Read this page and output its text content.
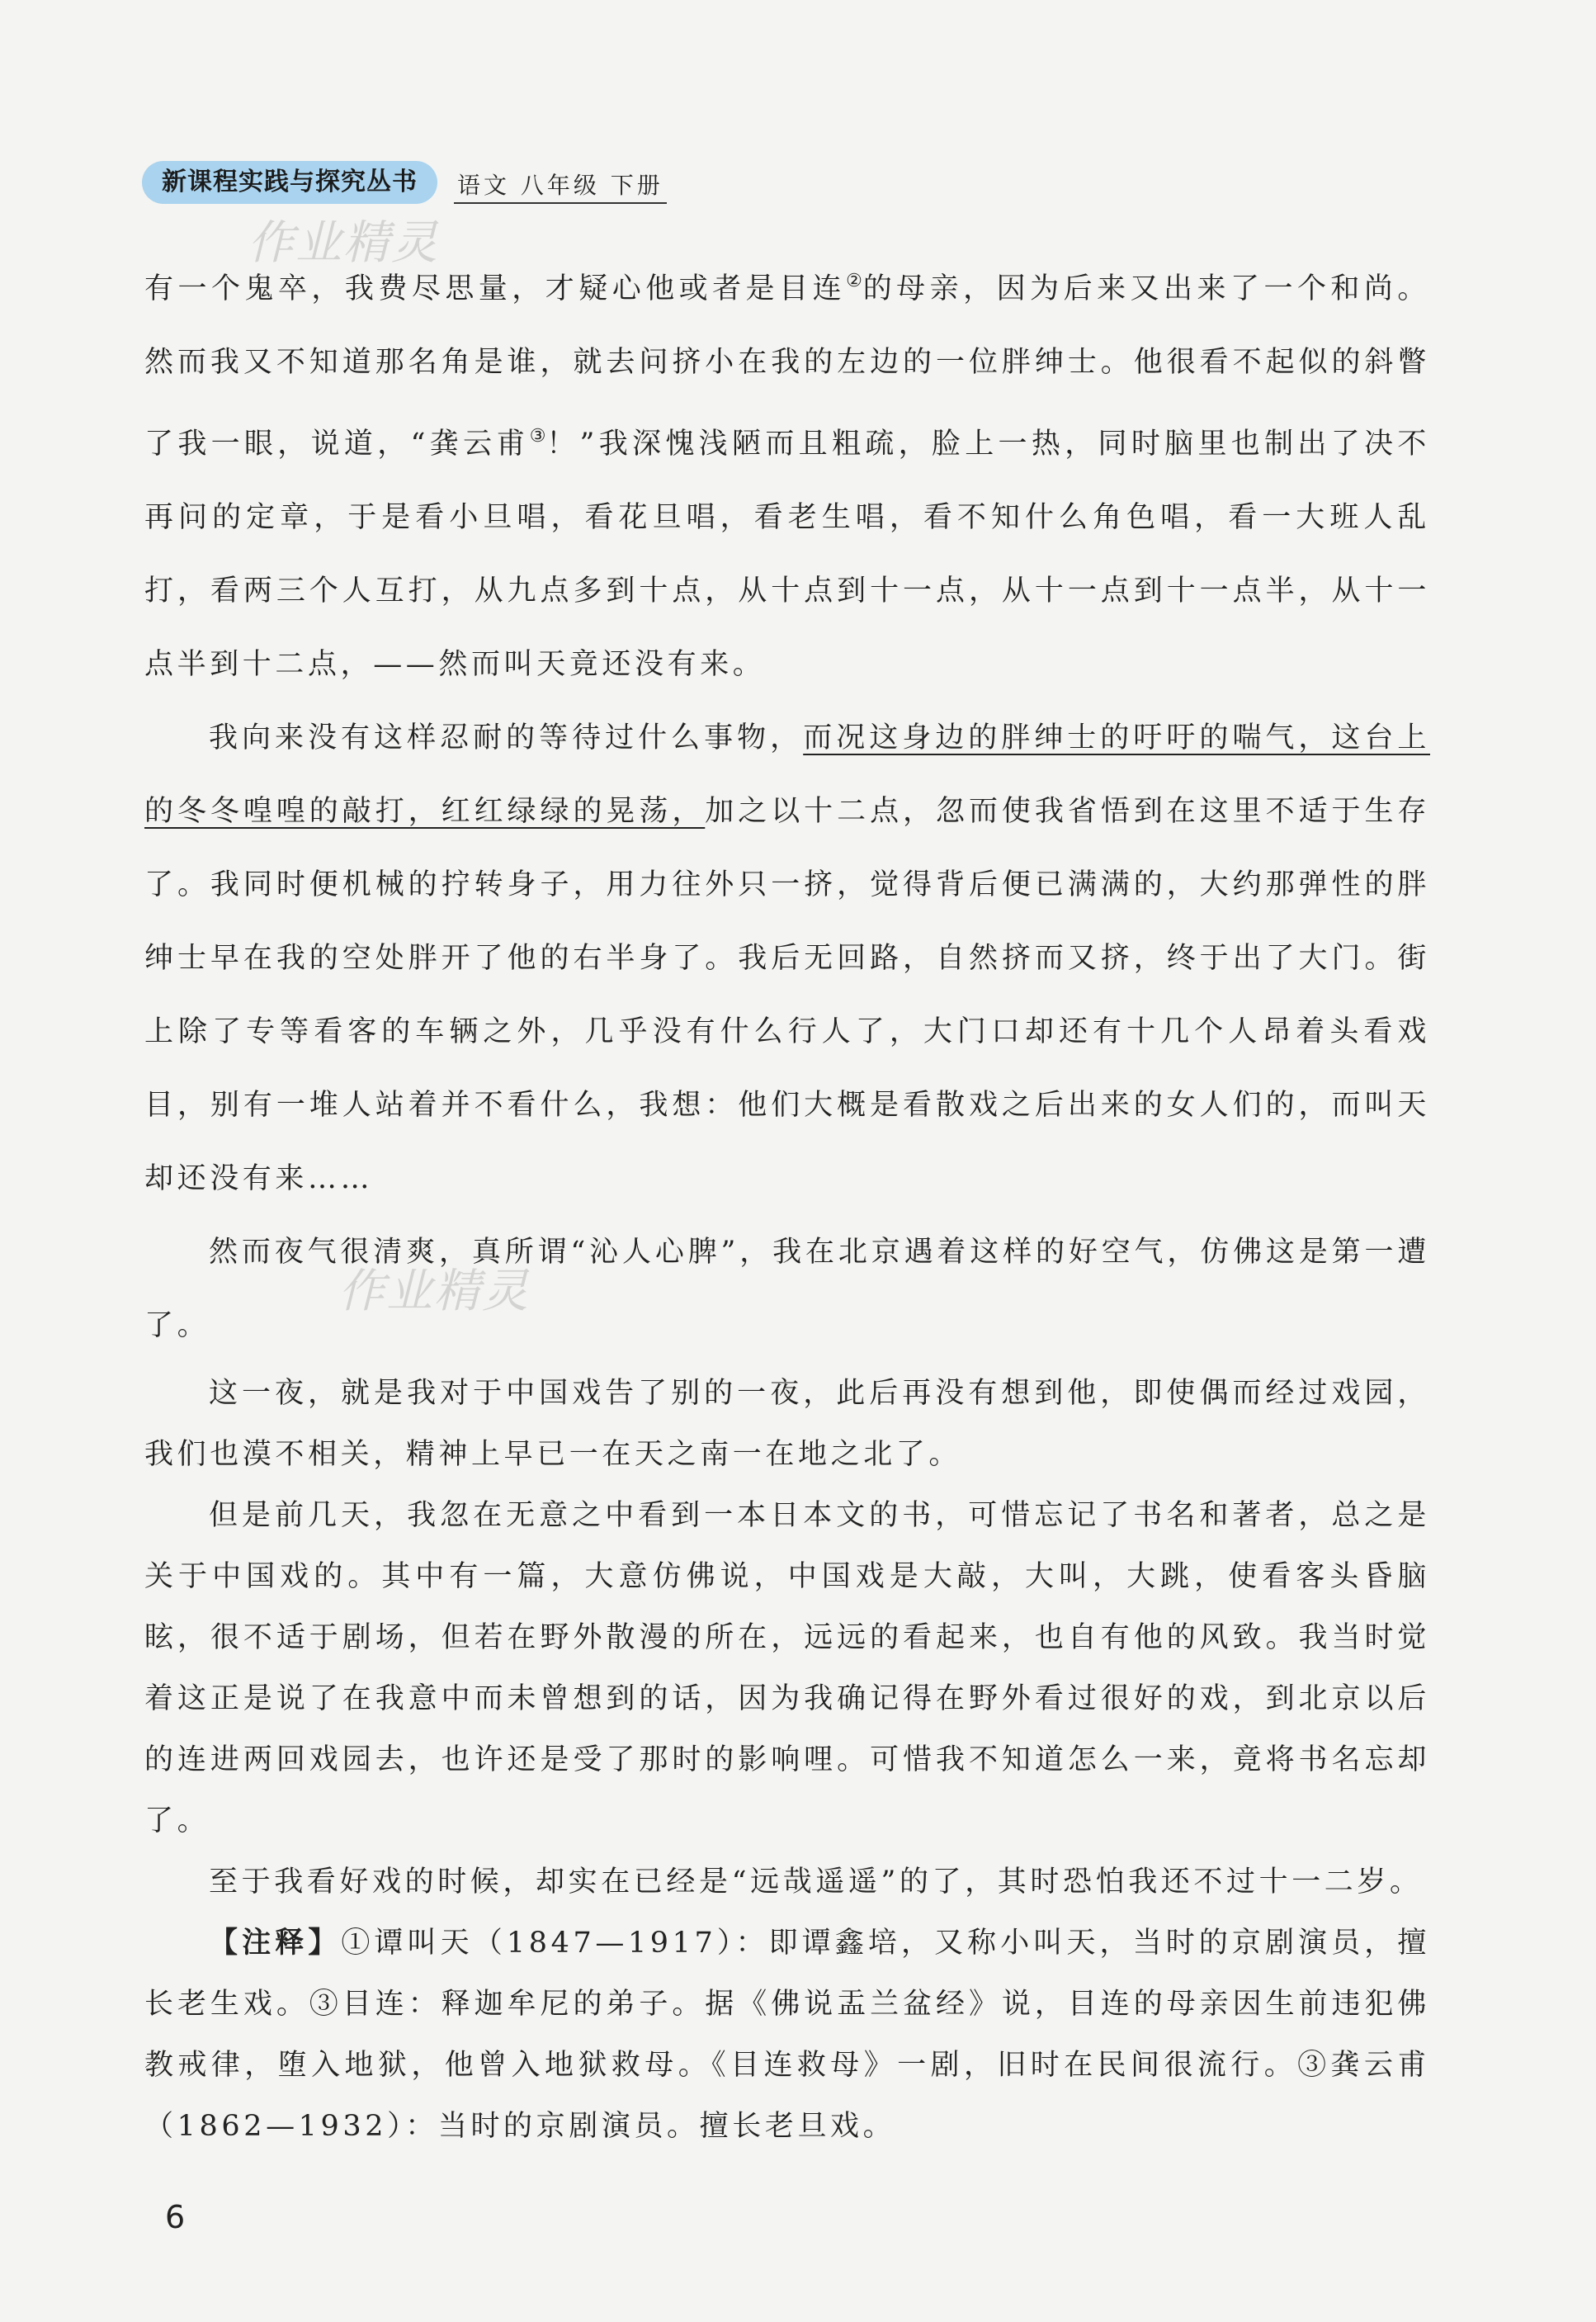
作业精灵
作业精灵
新课程实践与探究丛书	语文 八年级 下册

有一个鬼卒，我费尽思量，才疑心他或者是目连②的母亲，因为后来又出来了一个和尚。然而我又不知道那名角是谁，就去问挤小在我的左边的一位胖绅士。他很看不起似的斜瞥了我一眼，说道，“龚云甫③！”我深愧浅陋而且粗疏，脸上一热，同时脑里也制出了决不再问的定章，于是看小旦唱，看花旦唱，看老生唱，看不知什么角色唱，看一大班人乱打，看两三个人互打，从九点多到十点，从十点到十一点，从十一点到十一点半，从十一点半到十二点，——然而叫天竟还没有来。

我向来没有这样忍耐的等待过什么事物，而况这身边的胖绅士的吁吁的喘气，这台上的冬冬喤喤的敲打，红红绿绿的晃荡，加之以十二点，忽而使我省悟到在这里不适于生存了。我同时便机械的拧转身子，用力往外只一挤，觉得背后便已满满的，大约那弹性的胖绅士早在我的空处胖开了他的右半身了。我后无回路，自然挤而又挤，终于出了大门。街上除了专等看客的车辆之外，几乎没有什么行人了，大门口却还有十几个人昂着头看戏目，别有一堆人站着并不看什么，我想：他们大概是看散戏之后出来的女人们的，而叫天却还没有来……

然而夜气很清爽，真所谓“沁人心脾”，我在北京遇着这样的好空气，仿佛这是第一遭了。

这一夜，就是我对于中国戏告了别的一夜，此后再没有想到他，即使偶而经过戏园，我们也漠不相关，精神上早已一在天之南一在地之北了。

但是前几天，我忽在无意之中看到一本日本文的书，可惜忘记了书名和著者，总之是关于中国戏的。其中有一篇，大意仿佛说，中国戏是大敲，大叫，大跳，使看客头昏脑眩，很不适于剧场，但若在野外散漫的所在，远远的看起来，也自有他的风致。我当时觉着这正是说了在我意中而未曾想到的话，因为我确记得在野外看过很好的戏，到北京以后的连进两回戏园去，也许还是受了那时的影响哩。可惜我不知道怎么一来，竟将书名忘却了。

至于我看好戏的时候，却实在已经是“远哉遥遥”的了，其时恐怕我还不过十一二岁。

【注释】①谭叫天（1847—1917）：即谭鑫培，又称小叫天，当时的京剧演员，擅长老生戏。③目连：释迦牟尼的弟子。据《佛说盂兰盆经》说，目连的母亲因生前违犯佛教戒律，堕入地狱，他曾入地狱救母。《目连救母》一剧，旧时在民间很流行。③龚云甫（1862—1932）：当时的京剧演员。擅长老旦戏。

6
